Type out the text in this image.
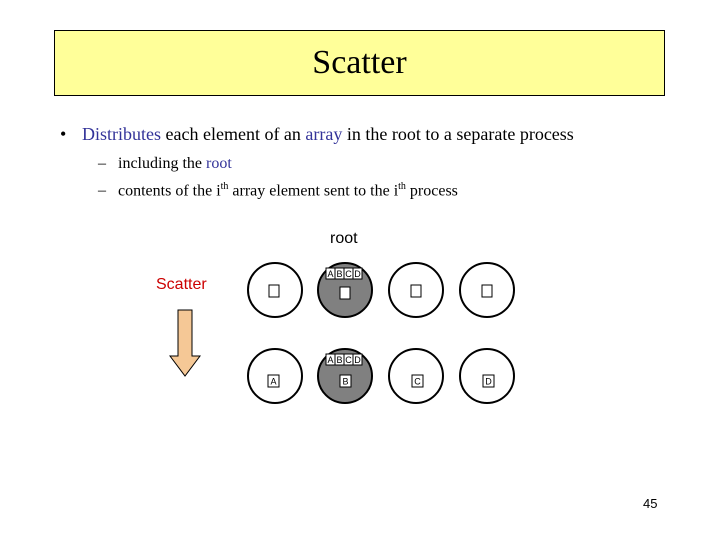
Scatter
• Distributes each element of an array in the root to a separate process
– including the root
– contents of the $i^{th}$ array element sent to the $i^{th}$ process
root
Scatter
A B C D
A B C D
A	B	C	D
45
